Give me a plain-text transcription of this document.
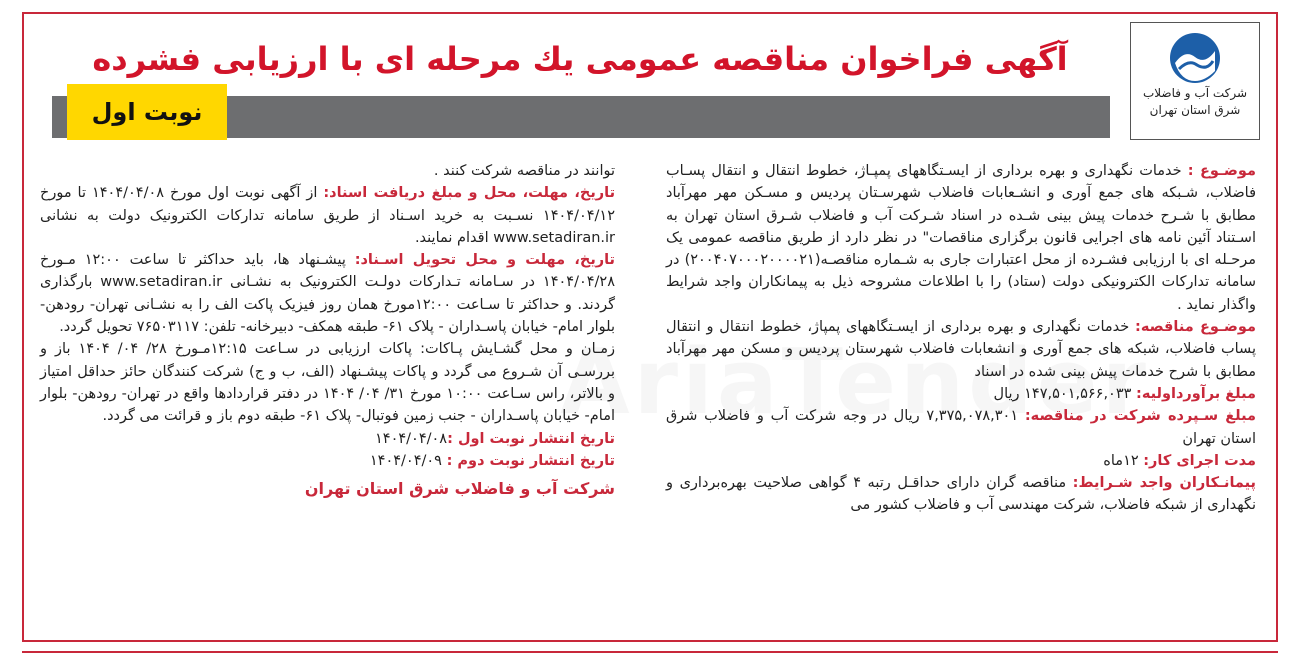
شرکت آب و فاضلاب
شرق استان تهران
آگهی فراخوان مناقصه عمومی يك مرحله ای با ارزيابی فشرده
نوبت اول

موضـوع : خدمات نگهداری و بهره برداری از ایسـتگاههای پمپـاژ، خطوط انتقال و انتقال پسـاب فاضلاب، شـبکه های جمع آوری و انشـعابات فاضلاب شهرسـتان پردیس و مسـکن مهر مهرآباد مطابق با شـرح خدمات پیش بینی شـده در اسناد شـرکت آب و فاضلاب شـرق استان تهران به اسـتناد آئین نامه های اجرایی قانون برگزاری مناقصات" در نظر دارد از طریق مناقصه عمومی یک مرحـله ای با ارزیابی فشـرده از محل اعتبارات جاری به شـماره مناقصـه(۲۰۰۴۰۷۰۰۰۲۰۰۰۰۲۱) در سامانه تدارکات الکترونیکی دولت (ستاد) را با اطلاعات مشروحه ذیل به پیمانکاران واجد شرایط واگذار نماید .

موضـوع مناقصه: خدمات نگهداری و بهره برداری از ایسـتگاههای پمپاژ، خطوط انتقال و انتقال پساب فاضلاب، شبکه های جمع آوری و انشعابات فاضلاب شهرستان پردیس و مسکن مهر مهرآباد مطابق با شرح خدمات پیش بینی شده در اسناد

مبلغ برآورداولیه: ۱۴۷,۵۰۱,۵۶۶,۰۳۳ ریال

مبلغ سـپرده شرکت در مناقصه: ۷,۳۷۵,۰۷۸,۳۰۱ ریال در وجه شرکت آب و فاضلاب شرق استان تهران

مدت اجرای کار: ۱۲ماه

پیمانـکاران واجد شـرایط: مناقصه گران دارای حداقـل رتبه ۴ گواهی صلاحیت بهره‌برداری و نگهداری از شبکه فاضلاب، شرکت مهندسی آب و فاضلاب کشور می

توانند در مناقصه شرکت کنند .

تاریخ، مهلت، محل و مبلغ دریافت اسناد: از آگهی نوبت اول مورخ ۱۴۰۴/۰۴/۰۸ تا مورخ ۱۴۰۴/۰۴/۱۲ نسـبت به خرید اسـناد از طریق سامانه تدارکات الکترونیک دولت به نشانی www.setadiran.ir اقدام نمایند.

تاریخ، مهلت و محل تحویل اسـناد: پیشـنهاد ها، باید حداکثر تا ساعت ۱۲:۰۰ مـورخ ۱۴۰۴/۰۴/۲۸ در سـامانه تـدارکات دولـت الکترونیک به نشـانی www.setadiran.ir بارگذاری گردند. و حداکثر تا سـاعت ۱۲:۰۰مورخ همان روز فیزیک پاکت الف را به نشـانی تهران- رودهن- بلوار امام- خیابان پاسـداران - پلاک ۶۱- طبقه همکف- دبیرخانه- تلفن: ۷۶۵۰۳۱۱۷ تحویل گردد.

زمـان و محل گشـایش پـاکات: پاکات ارزیابی در سـاعت ۱۲:۱۵مـورخ ۲۸/ ۰۴/ ۱۴۰۴ باز و بررسـی آن شـروع می گردد و پاکات پیشـنهاد (الف، ب و ج) شرکت کنندگان حائز حداقل امتیاز و بالاتر، راس سـاعت ۱۰:۰۰ مورخ ۳۱/ ۰۴/ ۱۴۰۴ در دفتر قراردادها واقع در تهران- رودهن- بلوار امام- خیابان پاسـداران - جنب زمین فوتبال- پلاک ۶۱- طبقه دوم باز و قرائت می گردد.

تاریخ انتشار نوبت اول :۱۴۰۴/۰۴/۰۸

تاریخ انتشار نوبت دوم : ۱۴۰۴/۰۴/۰۹

شرکت آب و فاضلاب شرق استان تهران
